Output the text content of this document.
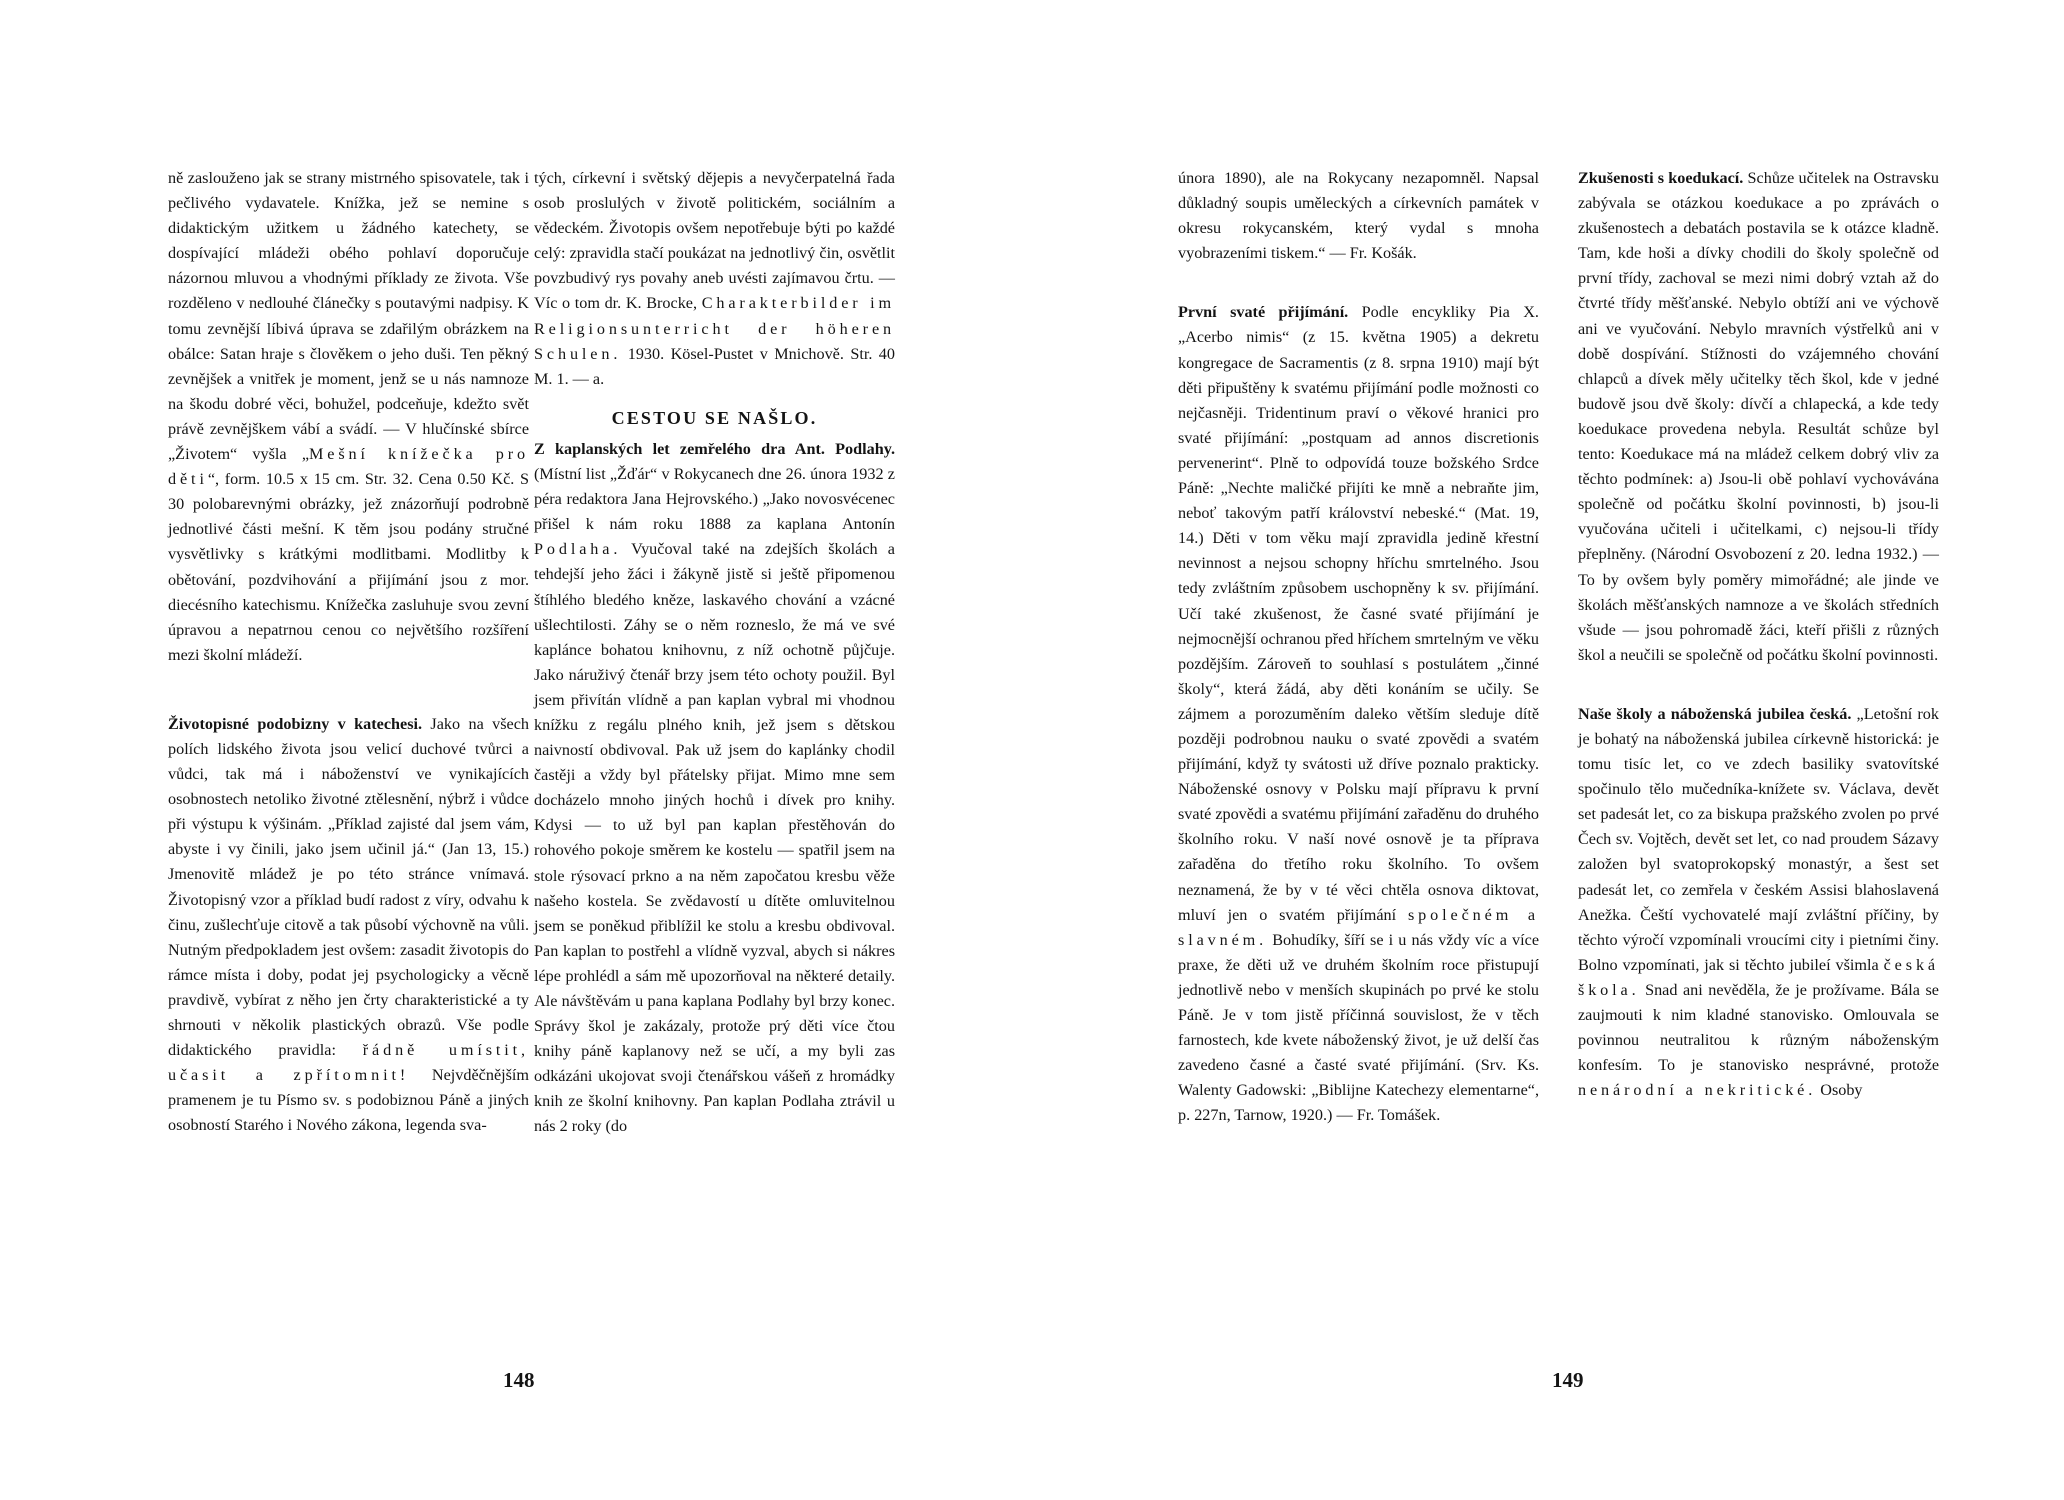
ně zaslouženo jak se strany mistrného spisovatele, tak i pečlivého vydavatele. Knížka, jež se nemine s didaktickým užitkem u žádného katechety, se dospívající mládeži obého pohlaví doporučuje názornou mluvou a vhodnými příklady ze života. Vše rozděleno v nedlouhé článečky s poutavými nadpisy. K tomu zevnější líbivá úprava se zdařilým obrázkem na obálce: Satan hraje s člověkem o jeho duši. Ten pěkný zevnějšek a vnitřek je moment, jenž se u nás namnoze na škodu dobré věci, bohužel, podceňuje, kdežto svět právě zevnějškem vábí a svádí. — V hlučínské sbírce „Životem“ vyšla „Mešní knížečka pro děti“, form. 10.5 x 15 cm. Str. 32. Cena 0.50 Kč. S 30 polobarevnými obrázky, jež znázorňují podrobně jednotlivé části mešní. K těm jsou podány stručné vysvětlivky s krátkými modlitbami. Modlitby k obětování, pozdvihování a přijímání jsou z mor. diecésního katechismu. Knížečka zasluhuje svou zevní úpravou a nepatrnou cenou co největšího rozšíření mezi školní mládeží.

Životopisné podobizny v katechesi. Jako na všech polích lidského života jsou velicí duchové tvůrci a vůdci, tak má i náboženství ve vynikajících osobnostech netoliko životné ztělesnění, nýbrž i vůdce při výstupu k výšinám. „Příklad zajisté dal jsem vám, abyste i vy činili, jako jsem učinil já.“ (Jan 13, 15.) Jmenovitě mládež je po této stránce vnímavá. Životopisný vzor a příklad budí radost z víry, odvahu k činu, zušlechťuje citově a tak působí výchovně na vůli. Nutným předpokladem jest ovšem: zasadit životopis do rámce místa i doby, podat jej psychologicky a věcně pravdivě, vybírat z něho jen črty charakteristické a ty shrnouti v několik plastických obrazů. Vše podle didaktického pravidla: řádně umístit, učasit a zpřítomnit! Nejvděčnějším pramenem je tu Písmo sv. s podobiznou Páně a jiných osobností Starého i Nového zákona, legenda sva-

tých, církevní i světský dějepis a nevyčerpatelná řada osob proslulých v životě politickém, sociálním a vědeckém. Životopis ovšem nepotřebuje býti po každé celý: zpravidla stačí poukázat na jednotlivý čin, osvětlit povzbudivý rys povahy aneb uvésti zajímavou črtu. — Víc o tom dr. K. Brocke, Charakterbilder im Religionsunterricht der höheren Schulen. 1930. Kösel-Pustet v Mnichově. Str. 40 M. 1. — a.

CESTOU SE NAŠLO.

Z kaplanských let zemřelého dra Ant. Podlahy. (Místní list „Žďár“ v Rokycanech dne 26. února 1932 z péra redaktora Jana Hejrovského.) „Jako novosvécenec přišel k nám roku 1888 za kaplana Antonín Podlaha. Vyučoval také na zdejších školách a tehdejší jeho žáci i žákyně jistě si ještě připomenou štíhlého bledého kněze, laskavého chování a vzácné ušlechtilosti. Záhy se o něm rozneslo, že má ve své kaplánce bohatou knihovnu, z níž ochotně půjčuje. Jako náruživý čtenář brzy jsem této ochoty použil. Byl jsem přivítán vlídně a pan kaplan vybral mi vhodnou knížku z regálu plného knih, jež jsem s dětskou naivností obdivoval. Pak už jsem do kaplánky chodil častěji a vždy byl přátelsky přijat. Mimo mne sem docházelo mnoho jiných hochů i dívek pro knihy. Kdysi — to už byl pan kaplan přestěhován do rohového pokoje směrem ke kostelu — spatřil jsem na stole rýsovací prkno a na něm započatou kresbu věže našeho kostela. Se zvědavostí u dítěte omluvitelnou jsem se poněkud přiblížil ke stolu a kresbu obdivoval. Pan kaplan to postřehl a vlídně vyzval, abych si nákres lépe prohlédl a sám mě upozorňoval na některé detaily. Ale návštěvám u pana kaplana Podlahy byl brzy konec. Správy škol je zakázaly, protože prý děti více čtou knihy páně kaplanovy než se učí, a my byli zas odkázáni ukojovat svoji čtenářskou vášeň z hromádky knih ze školní knihovny. Pan kaplan Podlaha ztrávil u nás 2 roky (do

148

února 1890), ale na Rokycany nezapomněl. Napsal důkladný soupis uměleckých a církevních památek v okresu rokycanském, který vydal s mnoha vyobrazeními tiskem.“ — Fr. Košák.

První svaté přijímání. Podle encykliky Pia X. „Acerbo nimis“ (z 15. května 1905) a dekretu kongregace de Sacramentis (z 8. srpna 1910) mají být děti připuštěny k svatému přijímání podle možnosti co nejčasněji. Tridentinum praví o věkové hranici pro svaté přijímání: „postquam ad annos discretionis pervenerint“. Plně to odpovídá touze božského Srdce Páně: „Nechte maličké přijíti ke mně a nebraňte jim, neboť takovým patří království nebeské.“ (Mat. 19, 14.) Děti v tom věku mají zpravidla jedině křestní nevinnost a nejsou schopny hříchu smrtelného. Jsou tedy zvláštním způsobem uschopněny k sv. přijímání. Učí také zkušenost, že časné svaté přijímání je nejmocnější ochranou před hříchem smrtelným ve věku pozdějším. Zároveň to souhlasí s postulátem „činné školy“, která žádá, aby děti konáním se učily. Se zájmem a porozuměním daleko větším sleduje dítě později podrobnou nauku o svaté zpovědi a svatém přijímání, když ty svátosti už dříve poznalo prakticky. Náboženské osnovy v Polsku mají přípravu k první svaté zpovědi a svatému přijímání zařaděnu do druhého školního roku. V naší nové osnově je ta příprava zařaděna do třetího roku školního. To ovšem neznamená, že by v té věci chtěla osnova diktovat, mluví jen o svatém přijímání společném a slavném. Bohudíky, šíří se i u nás vždy víc a více praxe, že děti už ve druhém školním roce přistupují jednotlivě nebo v menších skupinách po prvé ke stolu Páně. Je v tom jistě příčinná souvislost, že v těch farnostech, kde kvete náboženský život, je už delší čas zavedeno časné a časté svaté přijímání. (Srv. Ks. Walenty Gadowski: „Biblijne Katechezy elementarne“, p. 227n, Tarnow, 1920.) — Fr. Tomášek.

Zkušenosti s koedukací. Schůze učitelek na Ostravsku zabývala se otázkou koedukace a po zprávách o zkušenostech a debatách postavila se k otázce kladně. Tam, kde hoši a dívky chodili do školy společně od první třídy, zachoval se mezi nimi dobrý vztah až do čtvrté třídy měšťanské. Nebylo obtíží ani ve výchově ani ve vyučování. Nebylo mravních výstřelků ani v době dospívání. Stížnosti do vzájemného chování chlapců a dívek měly učitelky těch škol, kde v jedné budově jsou dvě školy: dívčí a chlapecká, a kde tedy koedukace provedena nebyla. Resultát schůze byl tento: Koedukace má na mládež celkem dobrý vliv za těchto podmínek: a) Jsou-li obě pohlaví vychovávána společně od počátku školní povinnosti, b) jsou-li vyučována učiteli i učitelkami, c) nejsou-li třídy přeplněny. (Národní Osvobození z 20. ledna 1932.) — To by ovšem byly poměry mimořádné; ale jinde ve školách měšťanských namnoze a ve školách středních všude — jsou pohromadě žáci, kteří přišli z různých škol a neučili se společně od počátku školní povinnosti.

Naše školy a náboženská jubilea česká. „Letošní rok je bohatý na náboženská jubilea církevně historická: je tomu tisíc let, co ve zdech basiliky svatovítské spočinulo tělo mučedníka-knížete sv. Václava, devět set padesát let, co za biskupa pražského zvolen po prvé Čech sv. Vojtěch, devět set let, co nad proudem Sázavy založen byl svatoprokopský monastýr, a šest set padesát let, co zemřela v českém Assisi blahoslavená Anežka. Čeští vychovatelé mají zvláštní příčiny, by těchto výročí vzpomínali vroucími city i pietními činy. Bolno vzpomínati, jak si těchto jubileí všimla česká škola. Snad ani nevěděla, že je prožívame. Bála se zaujmouti k nim kladné stanovisko. Omlouvala se povinnou neutralitou k různým náboženským konfesím. To je stanovisko nesprávné, protože nenárodní a nekritické. Osoby

149
